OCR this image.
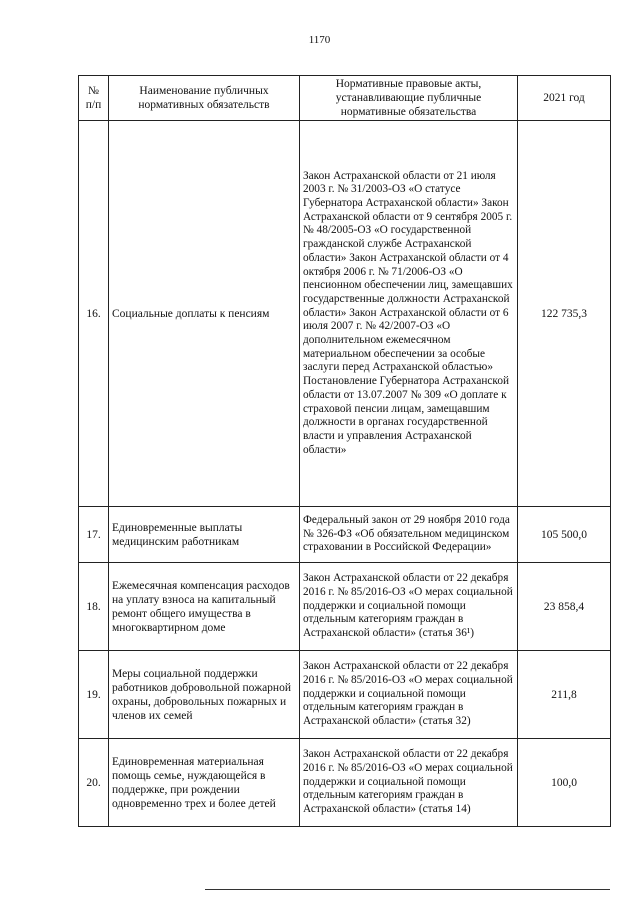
1170
№ п/п	Наименование публичных нормативных обязательств	Нормативные правовые акты, устанавливающие публичные нормативные обязательства	2021 год
16.	Социальные доплаты к пенсиям	Закон Астраханской области от 21 июля 2003 г. № 31/2003-ОЗ «О статусе Губернатора Астраханской области» Закон Астраханской области от 9 сентября 2005 г. № 48/2005-ОЗ «О государственной гражданской службе Астраханской области» Закон Астраханской области от 4 октября 2006 г. № 71/2006-ОЗ «О пенсионном обеспечении лиц, замещавших государственные должности Астраханской области» Закон Астраханской области от 6 июля 2007 г. № 42/2007-ОЗ «О дополнительном ежемесячном материальном обеспечении за особые заслуги перед Астраханской областью» Постановление Губернатора Астраханской области от 13.07.2007 № 309 «О доплате к страховой пенсии лицам, замещавшим должности в органах государственной власти и управления Астраханской области»	122 735,3
17.	Единовременные выплаты медицинским работникам	Федеральный закон от 29 ноября 2010 года № 326-ФЗ «Об обязательном медицинском страховании в Российской Федерации»	105 500,0
18.	Ежемесячная компенсация расходов на уплату взноса на капитальный ремонт общего имущества в многоквартирном доме	Закон Астраханской области от 22 декабря 2016 г. № 85/2016-ОЗ «О мерах социальной поддержки и социальной помощи отдельным категориям граждан в Астраханской области» (статья 36¹)	23 858,4
19.	Меры социальной поддержки работников добровольной пожарной охраны, добровольных пожарных и членов их семей	Закон Астраханской области от 22 декабря 2016 г. № 85/2016-ОЗ «О мерах социальной поддержки и социальной помощи отдельным категориям граждан в Астраханской области» (статья 32)	211,8
20.	Единовременная материальная помощь семье, нуждающейся в поддержке, при рождении одновременно трех и более детей	Закон Астраханской области от 22 декабря 2016 г. № 85/2016-ОЗ «О мерах социальной поддержки и социальной помощи отдельным категориям граждан в Астраханской области» (статья 14)	100,0
